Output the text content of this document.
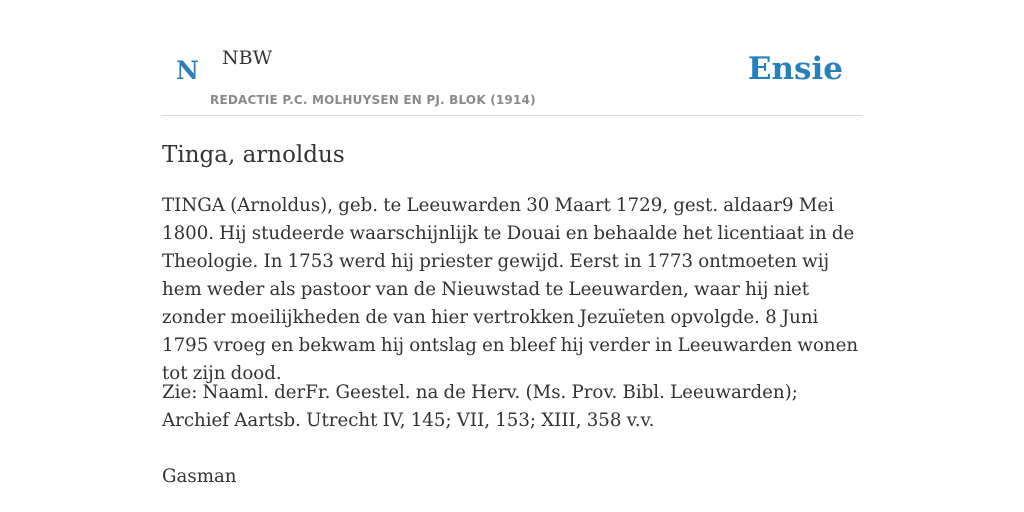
N NBW
REDACTIE P.C. MOLHUYSEN EN PJ. BLOK (1914)
Ensie
Tinga, arnoldus

TINGA (Arnoldus), geb. te Leeuwarden 30 Maart 1729, gest. aldaar9 Mei 1800. Hij studeerde waarschijnlijk te Douai en behaalde het licentiaat in de Theologie. In 1753 werd hij priester gewijd. Eerst in 1773 ontmoeten wij hem weder als pastoor van de Nieuwstad te Leeuwarden, waar hij niet zonder moeilijkheden de van hier vertrokken Jezuïeten opvolgde. 8 Juni 1795 vroeg en bekwam hij ontslag en bleef hij verder in Leeuwarden wonen tot zijn dood.

Zie: Naaml. derFr. Geestel. na de Herv. (Ms. Prov. Bibl. Leeuwarden); Archief Aartsb. Utrecht IV, 145; VII, 153; XIII, 358 v.v.

Gasman
